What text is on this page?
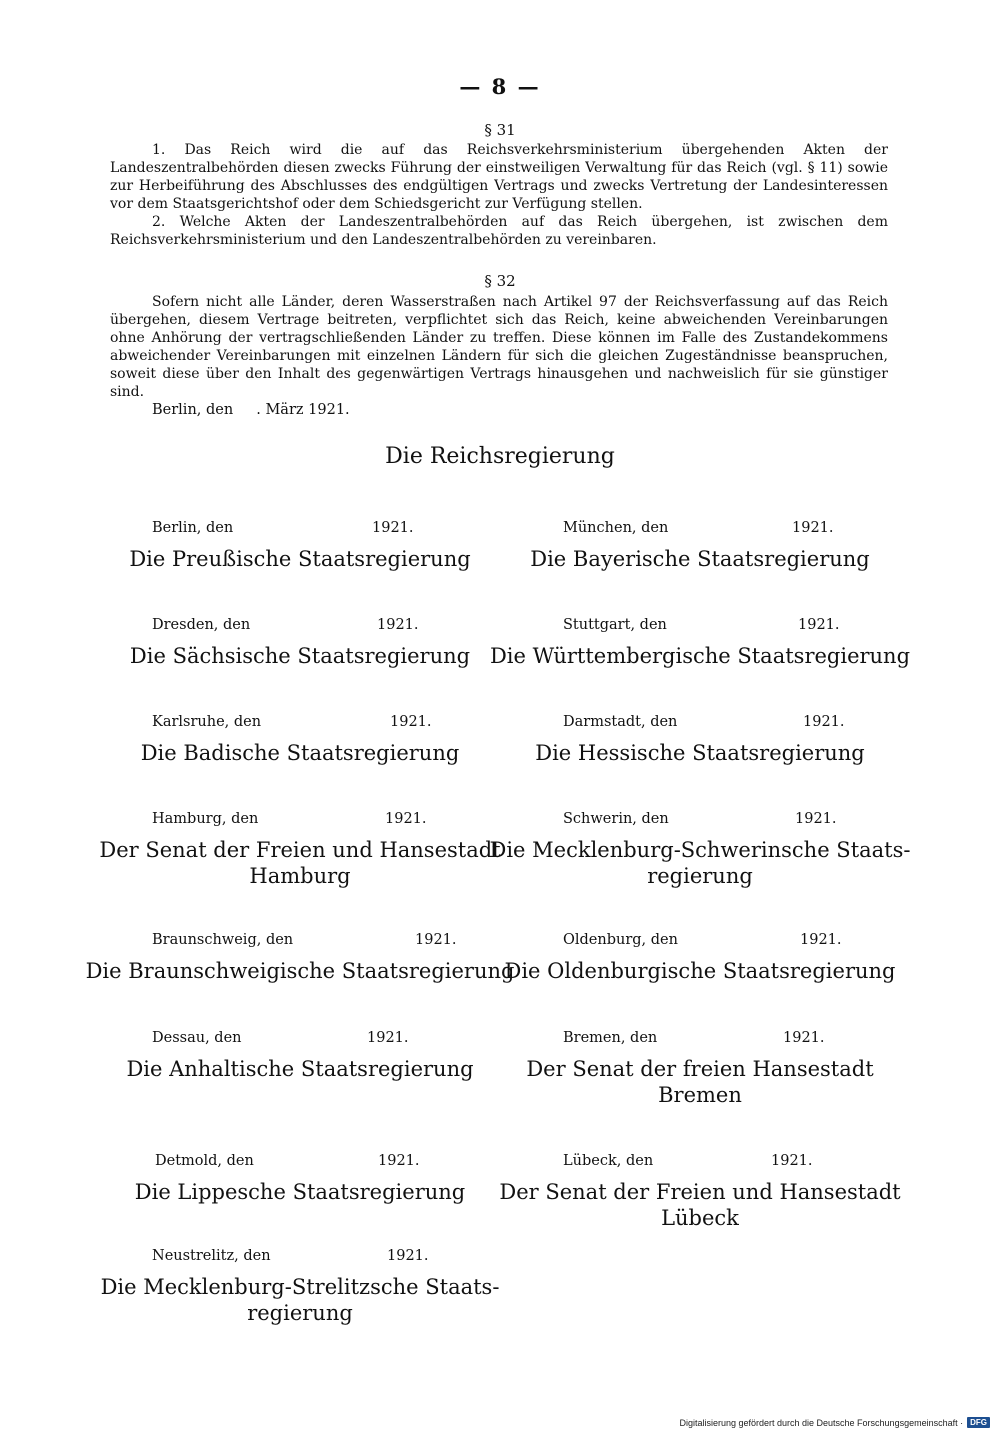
— 8 —
§ 31

1. Das Reich wird die auf das Reichsverkehrsministerium übergehenden Akten der Landeszentralbehörden diesen zwecks Führung der einstweiligen Verwaltung für das Reich (vgl. § 11) sowie zur Herbeiführung des Abschlusses des endgültigen Vertrags und zwecks Vertretung der Landesinteressen vor dem Staatsgerichtshof oder dem Schiedsgericht zur Verfügung stellen.

2. Welche Akten der Landeszentralbehörden auf das Reich übergehen, ist zwischen dem Reichsverkehrsministerium und den Landeszentralbehörden zu vereinbaren.

§ 32

Sofern nicht alle Länder, deren Wasserstraßen nach Artikel 97 der Reichsverfassung auf das Reich übergehen, diesem Vertrage beitreten, verpflichtet sich das Reich, keine abweichenden Vereinbarungen ohne Anhörung der vertragschließenden Länder zu treffen. Diese können im Falle des Zustandekommens abweichender Vereinbarungen mit einzelnen Ländern für sich die gleichen Zugeständnisse beanspruchen, soweit diese über den Inhalt des gegenwärtigen Vertrags hinausgehen und nachweislich für sie günstiger sind.

Berlin, den     . März 1921.
Die Reichsregierung
Berlin, den	1921.
Die Preußische Staatsregierung
Dresden, den	1921.
Die Sächsische Staatsregierung
Karlsruhe, den	1921.
Die Badische Staatsregierung
Hamburg, den	1921.
Der Senat der Freien und Hansestadt
Hamburg
Braunschweig, den	1921.
Die Braunschweigische Staatsregierung
Dessau, den	1921.
Die Anhaltische Staatsregierung
Detmold, den	1921.
Die Lippesche Staatsregierung
Neustrelitz, den	1921.
Die Mecklenburg-Strelitzsche Staats-
regierung
München, den	1921.
Die Bayerische Staatsregierung
Stuttgart, den	1921.
Die Württembergische Staatsregierung
Darmstadt, den	1921.
Die Hessische Staatsregierung
Schwerin, den	1921.
Die Mecklenburg-Schwerinsche Staats-
regierung
Oldenburg, den	1921.
Die Oldenburgische Staatsregierung
Bremen, den	1921.
Der Senat der freien Hansestadt
Bremen
Lübeck, den	1921.
Der Senat der Freien und Hansestadt
Lübeck
Digitalisierung gefördert durch die Deutsche Forschungsgemeinschaft · DFG
